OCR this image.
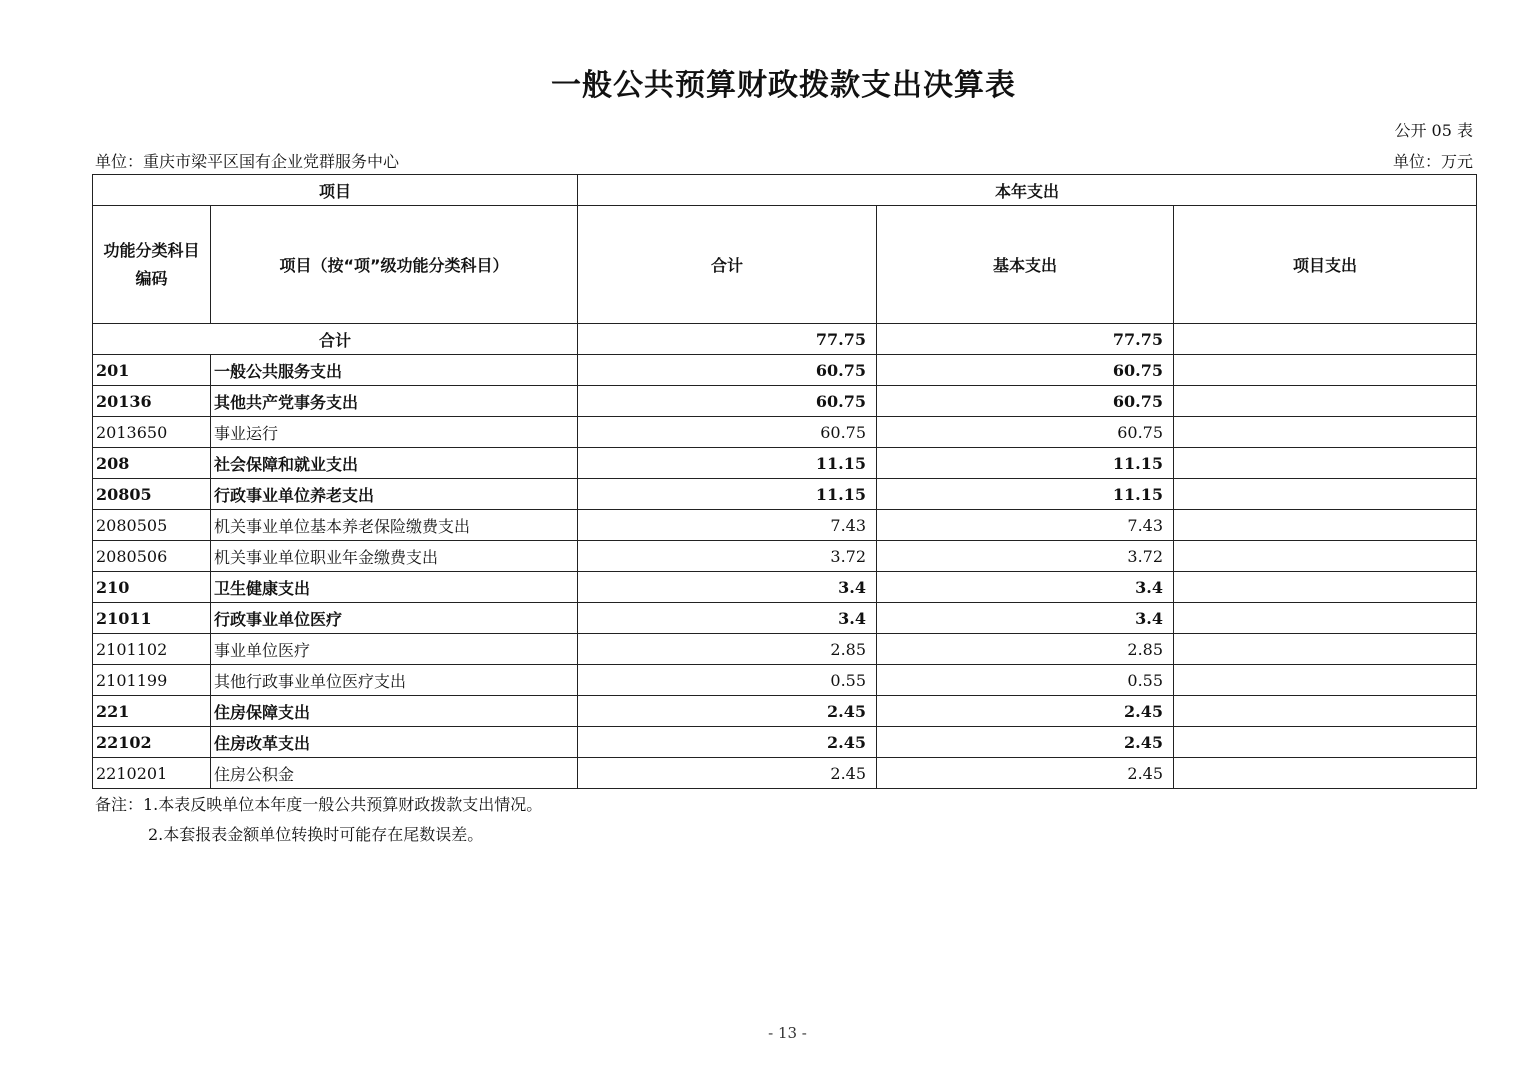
一般公共预算财政拨款支出决算表
公开 05 表
单位：重庆市梁平区国有企业党群服务中心	单位：万元
项目		本年支出		
功能分类科目编码	项目（按“项”级功能分类科目）	合计	基本支出	项目支出
合计		77.75	77.75	
201	一般公共服务支出	60.75	60.75	
20136	其他共产党事务支出	60.75	60.75	
2013650	事业运行	60.75	60.75	
208	社会保障和就业支出	11.15	11.15	
20805	行政事业单位养老支出	11.15	11.15	
2080505	机关事业单位基本养老保险缴费支出	7.43	7.43	
2080506	机关事业单位职业年金缴费支出	3.72	3.72	
210	卫生健康支出	3.4	3.4	
21011	行政事业单位医疗	3.4	3.4	
2101102	事业单位医疗	2.85	2.85	
2101199	其他行政事业单位医疗支出	0.55	0.55	
221	住房保障支出	2.45	2.45	
22102	住房改革支出	2.45	2.45	
2210201	住房公积金	2.45	2.45	
备注：1.本表反映单位本年度一般公共预算财政拨款支出情况。
2.本套报表金额单位转换时可能存在尾数误差。
- 13 -
